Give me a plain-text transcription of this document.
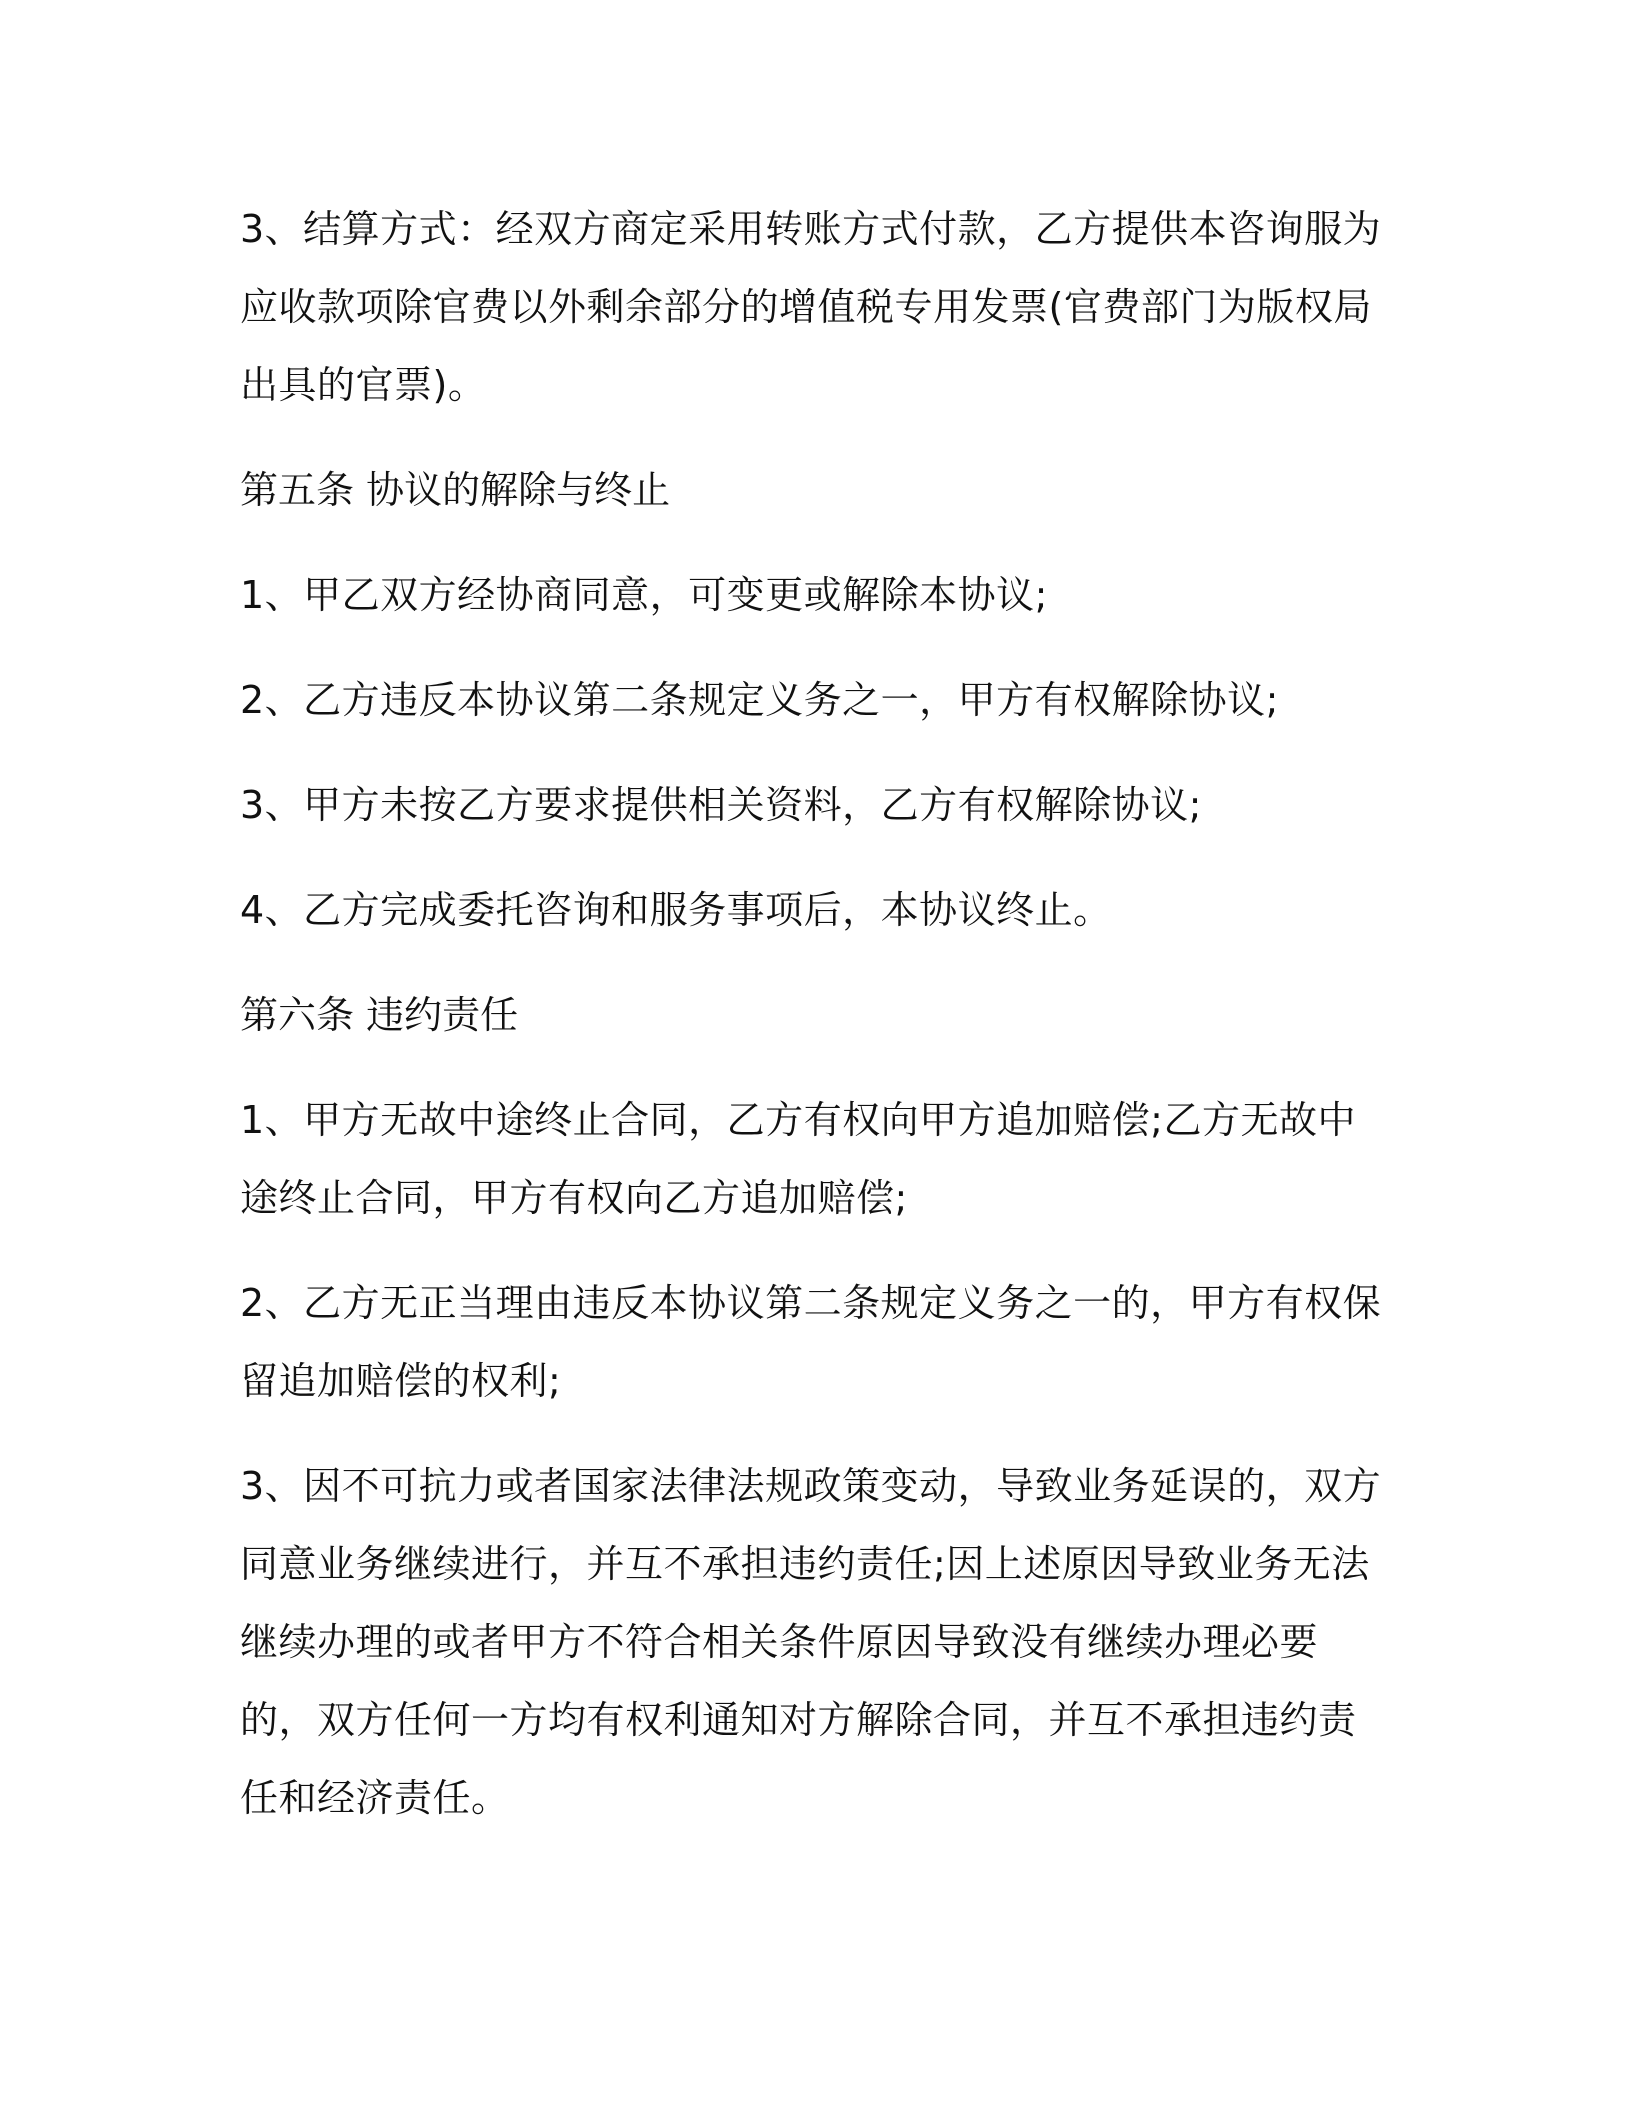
3、结算方式：经双方商定采用转账方式付款，乙方提供本咨询服为应收款项除官费以外剩余部分的增值税专用发票(官费部门为版权局出具的官票)。

第五条 协议的解除与终止

1、甲乙双方经协商同意，可变更或解除本协议;

2、乙方违反本协议第二条规定义务之一，甲方有权解除协议;

3、甲方未按乙方要求提供相关资料，乙方有权解除协议;

4、乙方完成委托咨询和服务事项后，本协议终止。

第六条 违约责任

1、甲方无故中途终止合同，乙方有权向甲方追加赔偿;乙方无故中途终止合同，甲方有权向乙方追加赔偿;

2、乙方无正当理由违反本协议第二条规定义务之一的，甲方有权保留追加赔偿的权利;

3、因不可抗力或者国家法律法规政策变动，导致业务延误的，双方同意业务继续进行，并互不承担违约责任;因上述原因导致业务无法继续办理的或者甲方不符合相关条件原因导致没有继续办理必要的，双方任何一方均有权利通知对方解除合同，并互不承担违约责任和经济责任。
